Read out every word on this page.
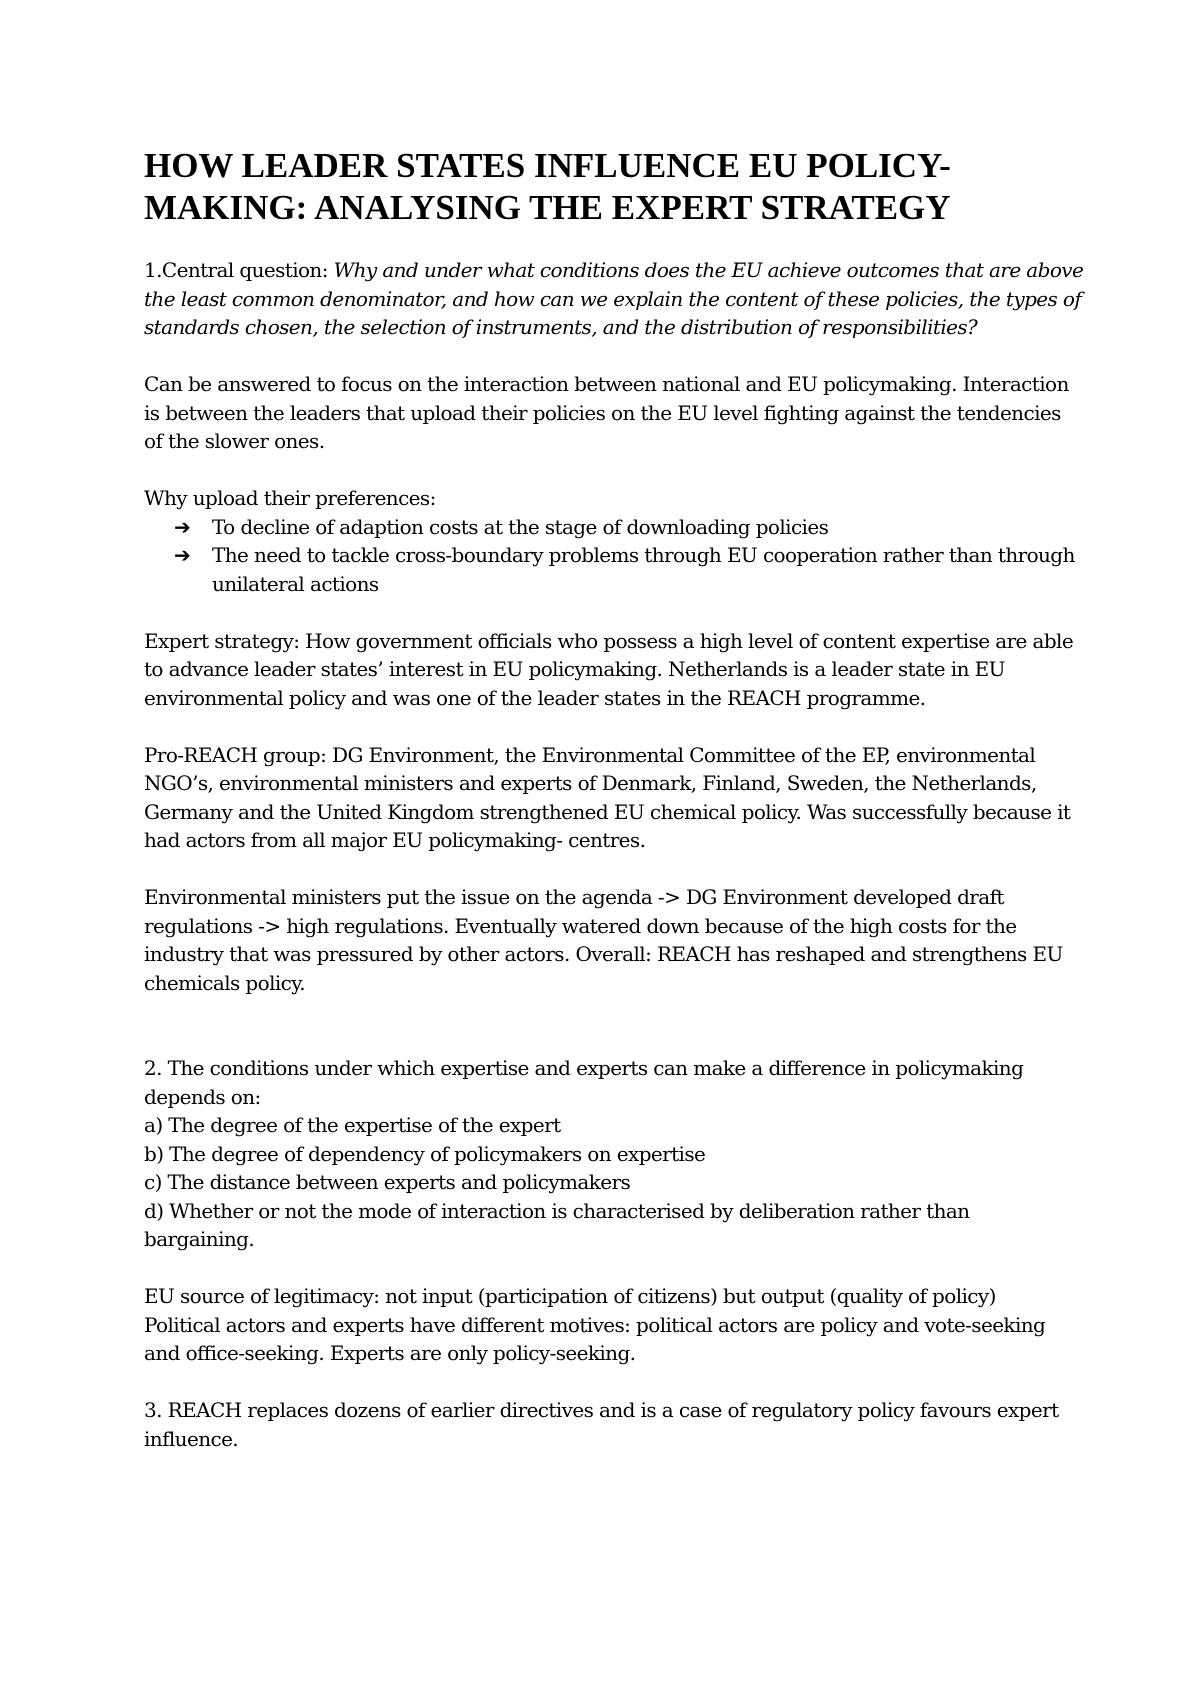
HOW LEADER STATES INFLUENCE EU POLICY-MAKING: ANALYSING THE EXPERT STRATEGY

1.Central question: Why and under what conditions does the EU achieve outcomes that are above the least common denominator, and how can we explain the content of these policies, the types of standards chosen, the selection of instruments, and the distribution of responsibilities?

Can be answered to focus on the interaction between national and EU policymaking. Interaction is between the leaders that upload their policies on the EU level fighting against the tendencies of the slower ones.

Why upload their preferences:

➔ To decline of adaption costs at the stage of downloading policies
➔ The need to tackle cross-boundary problems through EU cooperation rather than through unilateral actions

Expert strategy: How government officials who possess a high level of content expertise are able to advance leader states’ interest in EU policymaking. Netherlands is a leader state in EU environmental policy and was one of the leader states in the REACH programme.

Pro-REACH group: DG Environment, the Environmental Committee of the EP, environmental NGO’s, environmental ministers and experts of Denmark, Finland, Sweden, the Netherlands, Germany and the United Kingdom strengthened EU chemical policy. Was successfully because it had actors from all major EU policymaking- centres.

Environmental ministers put the issue on the agenda -> DG Environment developed draft regulations -> high regulations. Eventually watered down because of the high costs for the industry that was pressured by other actors. Overall: REACH has reshaped and strengthens EU chemicals policy.

2. The conditions under which expertise and experts can make a difference in policymaking depends on:

a) The degree of the expertise of the expert

b) The degree of dependency of policymakers on expertise

c) The distance between experts and policymakers

d) Whether or not the mode of interaction is characterised by deliberation rather than bargaining.

EU source of legitimacy: not input (participation of citizens) but output (quality of policy)

Political actors and experts have different motives: political actors are policy and vote-seeking and office-seeking. Experts are only policy-seeking.

3. REACH replaces dozens of earlier directives and is a case of regulatory policy favours expert influence.
